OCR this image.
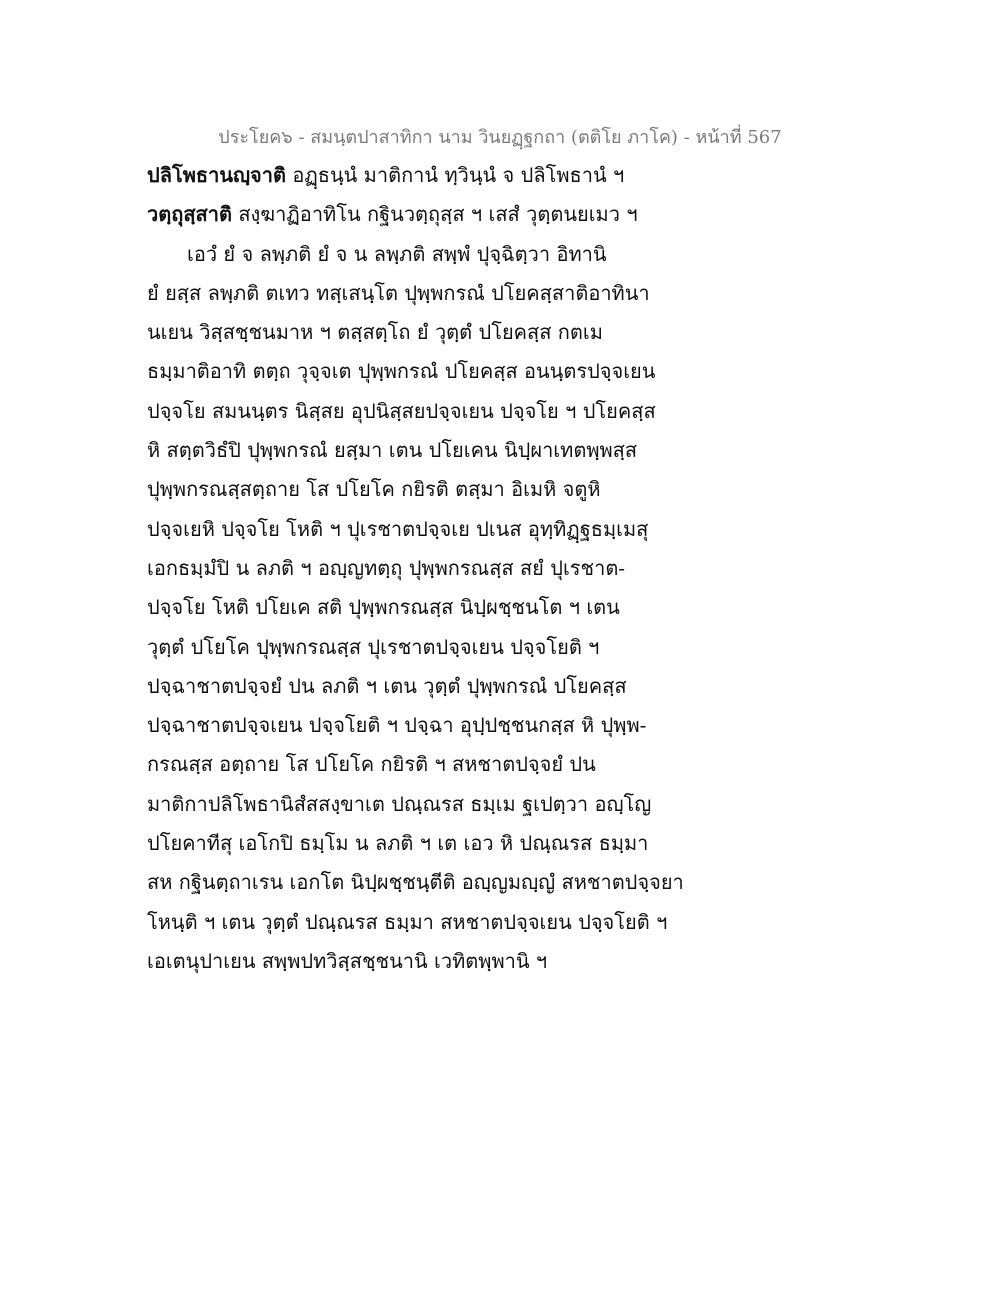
ประโยค๖ - สมนฺตปาสาทิกา นาม วินยฏฺฐกถา (ตติโย ภาโค) - หน้าที่ 567
ปลิโพธานญฺจาติ อฏฺธนฺนํ มาติกานํ ทฺวินฺนํ จ ปลิโพธานํ ฯ
วตฺถุสฺสาติ สงฺฆาฏิอาทิโน กฐินวตฺถุสฺส ฯ เสสํ วุตฺตนยเมว ฯ
เอวํ ยํ จ ลพฺภติ ยํ จ น ลพฺภติ สพฺพํ ปุจฺฉิตฺวา อิทานิ
ยํ ยสฺส ลพฺภติ ตเทว ทสฺเสนฺโต ปุพฺพกรณํ ปโยคสฺสาติอาทินา
นเยน วิสฺสชฺชนมาห ฯ ตสฺสตฺโถ ยํ วุตฺตํ ปโยคสฺส กตเม
ธมฺมาติอาทิ ตตฺถ วุจฺจเต ปุพฺพกรณํ ปโยคสฺส อนนฺตรปจฺจเยน
ปจฺจโย สมนนฺตร นิสฺสย อุปนิสฺสยปจฺจเยน ปจฺจโย ฯ ปโยคสฺส
หิ สตฺตวิธํปิ ปุพฺพกรณํ ยสฺมา เตน ปโยเคน นิปฺผาเทตพฺพสฺส
ปุพฺพกรณสฺสตฺถาย โส ปโยโค กยิรติ ตสฺมา อิเมหิ จตูหิ
ปจฺจเยหิ ปจฺจโย โหติ ฯ ปุเรชาตปจฺจเย ปเนส อุทฺทิฏฺฐธมฺเมสุ
เอกธมฺมํปิ น ลภติ ฯ อญฺญทตฺถุ ปุพฺพกรณสฺส สยํ ปุเรชาต-
ปจฺจโย โหติ ปโยเค สติ ปุพฺพกรณสฺส นิปฺผชฺชนโต ฯ เตน
วุตฺตํ ปโยโค ปุพฺพกรณสฺส ปุเรชาตปจฺจเยน ปจฺจโยติ ฯ
ปจฺฉาชาตปจฺจยํ ปน ลภติ ฯ เตน วุตฺตํ ปุพฺพกรณํ ปโยคสฺส
ปจฺฉาชาตปจฺจเยน ปจฺจโยติ ฯ ปจฺฉา อุปฺปชฺชนกสฺส หิ ปุพฺพ-
กรณสฺส อตฺถาย โส ปโยโค กยิรติ ฯ สหชาตปจฺจยํ ปน
มาติกาปลิโพธานิสํสสงฺขาเต ปณฺณรส ธมฺเม ฐเปตฺวา อญฺโญ
ปโยคาทีสุ เอโกปิ ธมฺโม น ลภติ ฯ เต เอว หิ ปณฺณรส ธมฺมา
สห กฐินตฺถาเรน เอกโต นิปฺผชฺชนฺตีติ อญฺญมญฺญํ สหชาตปจฺจยา
โหนฺติ ฯ เตน วุตฺตํ ปณฺณรส ธมฺมา สหชาตปจฺจเยน ปจฺจโยติ ฯ
เอเตนุปาเยน สพฺพปทวิสฺสชฺชนานิ เวทิตพฺพานิ ฯ
